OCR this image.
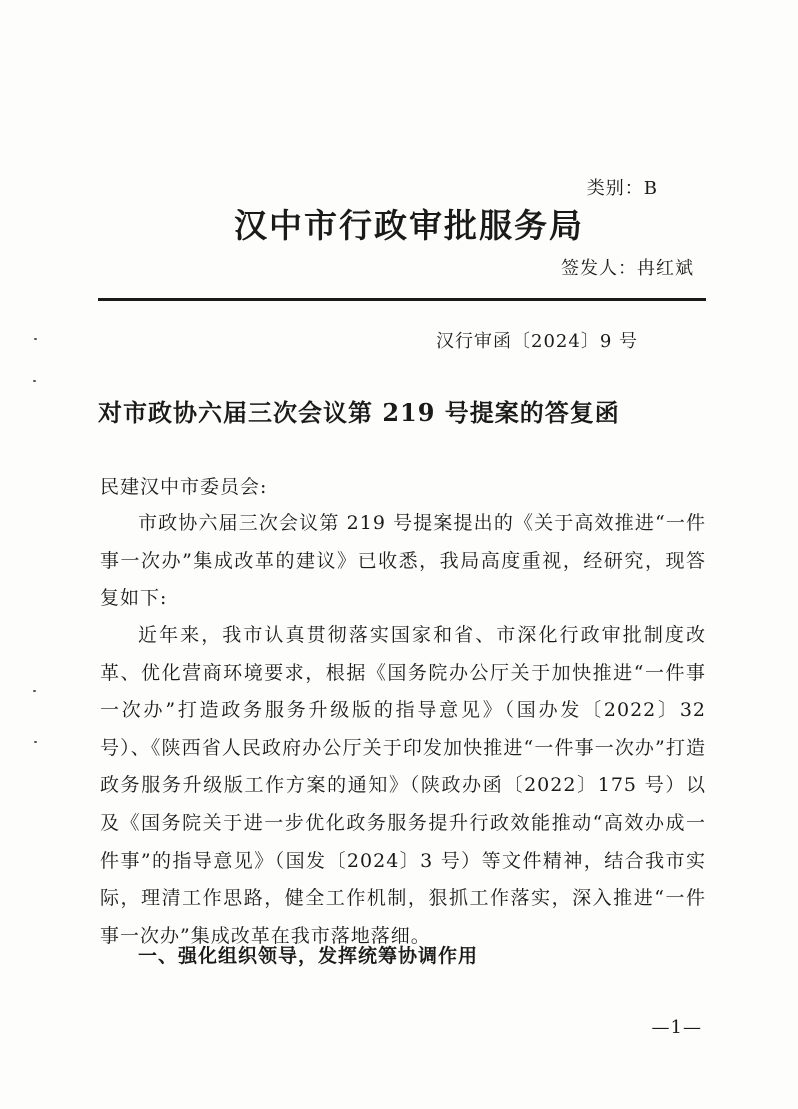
类别：B
汉中市行政审批服务局
签发人：冉红斌
汉行审函〔2024〕9 号
对市政协六届三次会议第 219 号提案的答复函
民建汉中市委员会:
市政协六届三次会议第 219 号提案提出的《关于高效推进“一件事一次办”集成改革的建议》已收悉，我局高度重视，经研究，现答复如下:
近年来，我市认真贯彻落实国家和省、市深化行政审批制度改革、优化营商环境要求，根据《国务院办公厅关于加快推进“一件事一次办”打造政务服务升级版的指导意见》（国办发〔2022〕32 号）、《陕西省人民政府办公厅关于印发加快推进“一件事一次办”打造政务服务升级版工作方案的通知》（陕政办函〔2022〕175 号）以及《国务院关于进一步优化政务服务提升行政效能推动“高效办成一件事”的指导意见》（国发〔2024〕3 号）等文件精神，结合我市实际，理清工作思路，健全工作机制，狠抓工作落实，深入推进“一件事一次办”集成改革在我市落地落细。
一、强化组织领导，发挥统筹协调作用
—1—
